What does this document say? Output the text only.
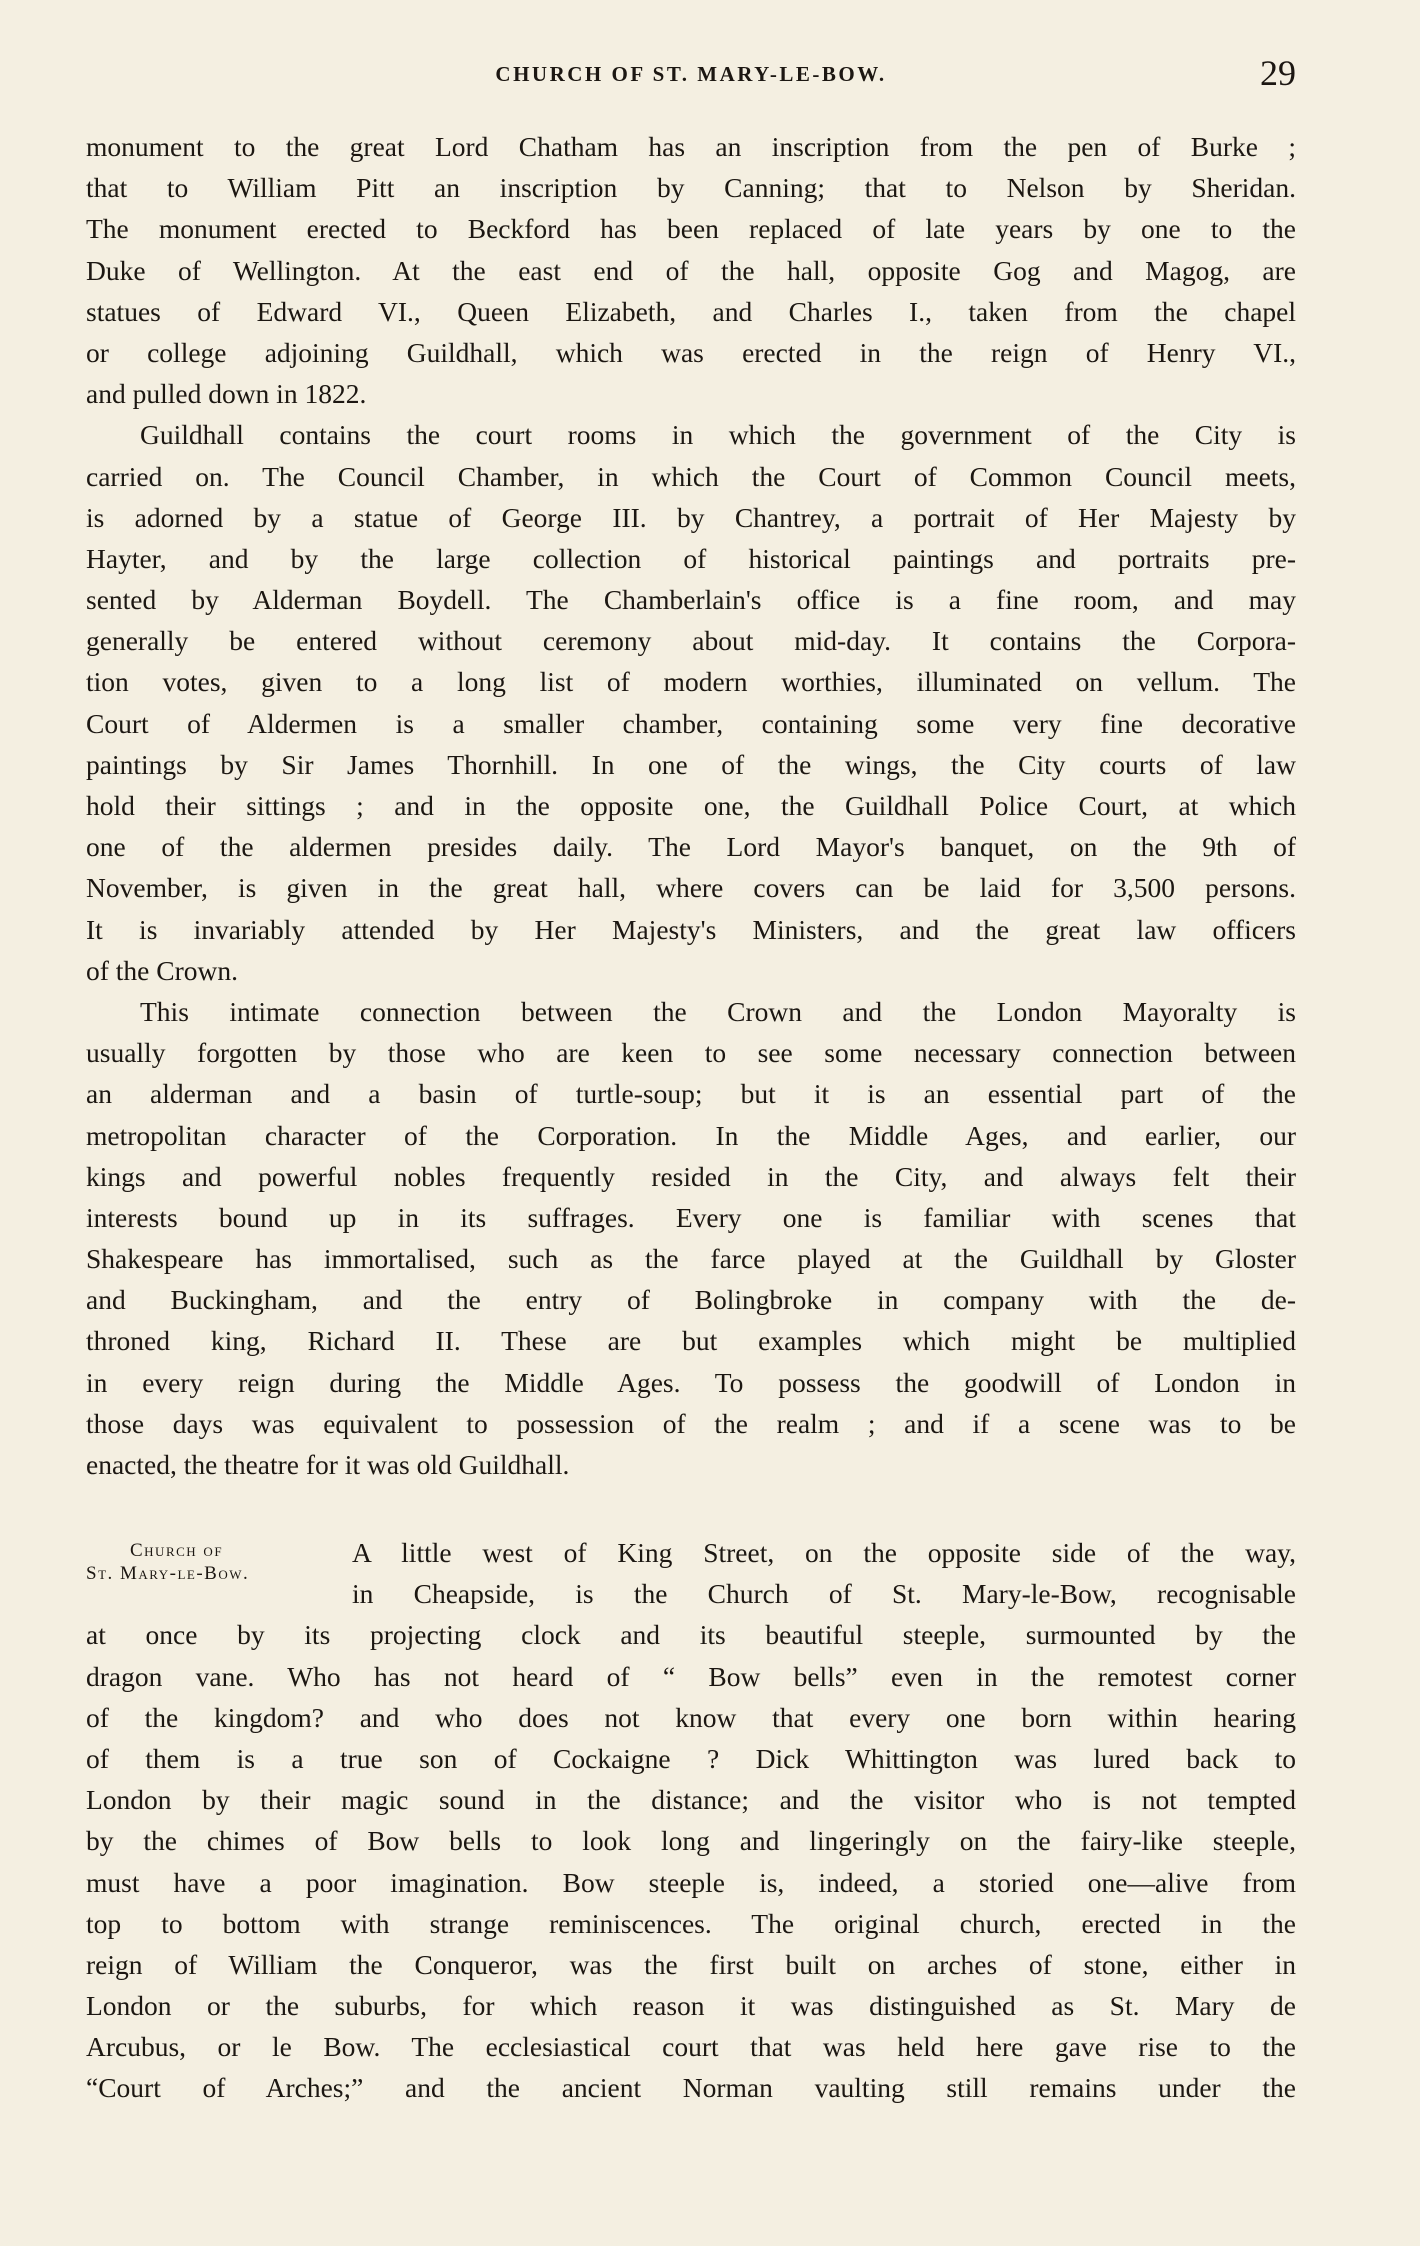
CHURCH OF ST. MARY-LE-BOW.	29
monument to the great Lord Chatham has an inscription from the pen of Burke ;
that to William Pitt an inscription by Canning; that to Nelson by Sheridan.
The monument erected to Beckford has been replaced of late years by one to the
Duke of Wellington. At the east end of the hall, opposite Gog and Magog, are
statues of Edward VI., Queen Elizabeth, and Charles I., taken from the chapel
or college adjoining Guildhall, which was erected in the reign of Henry VI.,
and pulled down in 1822.
Guildhall contains the court rooms in which the government of the City is
carried on. The Council Chamber, in which the Court of Common Council meets,
is adorned by a statue of George III. by Chantrey, a portrait of Her Majesty by
Hayter, and by the large collection of historical paintings and portraits pre-
sented by Alderman Boydell. The Chamberlain's office is a fine room, and may
generally be entered without ceremony about mid-day. It contains the Corpora-
tion votes, given to a long list of modern worthies, illuminated on vellum. The
Court of Aldermen is a smaller chamber, containing some very fine decorative
paintings by Sir James Thornhill. In one of the wings, the City courts of law
hold their sittings ; and in the opposite one, the Guildhall Police Court, at which
one of the aldermen presides daily. The Lord Mayor's banquet, on the 9th of
November, is given in the great hall, where covers can be laid for 3,500 persons.
It is invariably attended by Her Majesty's Ministers, and the great law officers
of the Crown.
This intimate connection between the Crown and the London Mayoralty is
usually forgotten by those who are keen to see some necessary connection between
an alderman and a basin of turtle-soup; but it is an essential part of the
metropolitan character of the Corporation. In the Middle Ages, and earlier, our
kings and powerful nobles frequently resided in the City, and always felt their
interests bound up in its suffrages. Every one is familiar with scenes that
Shakespeare has immortalised, such as the farce played at the Guildhall by Gloster
and Buckingham, and the entry of Bolingbroke in company with the de-
throned king, Richard II. These are but examples which might be multiplied
in every reign during the Middle Ages. To possess the goodwill of London in
those days was equivalent to possession of the realm ; and if a scene was to be
enacted, the theatre for it was old Guildhall.
Church of
St. Mary-le-Bow.
A little west of King Street, on the opposite side of the way,
in Cheapside, is the Church of St. Mary-le-Bow, recognisable
at once by its projecting clock and its beautiful steeple, surmounted by the
dragon vane. Who has not heard of “ Bow bells” even in the remotest corner
of the kingdom? and who does not know that every one born within hearing
of them is a true son of Cockaigne ? Dick Whittington was lured back to
London by their magic sound in the distance; and the visitor who is not tempted
by the chimes of Bow bells to look long and lingeringly on the fairy-like steeple,
must have a poor imagination. Bow steeple is, indeed, a storied one—alive from
top to bottom with strange reminiscences. The original church, erected in the
reign of William the Conqueror, was the first built on arches of stone, either in
London or the suburbs, for which reason it was distinguished as St. Mary de
Arcubus, or le Bow. The ecclesiastical court that was held here gave rise to the
“Court of Arches;” and the ancient Norman vaulting still remains under the
